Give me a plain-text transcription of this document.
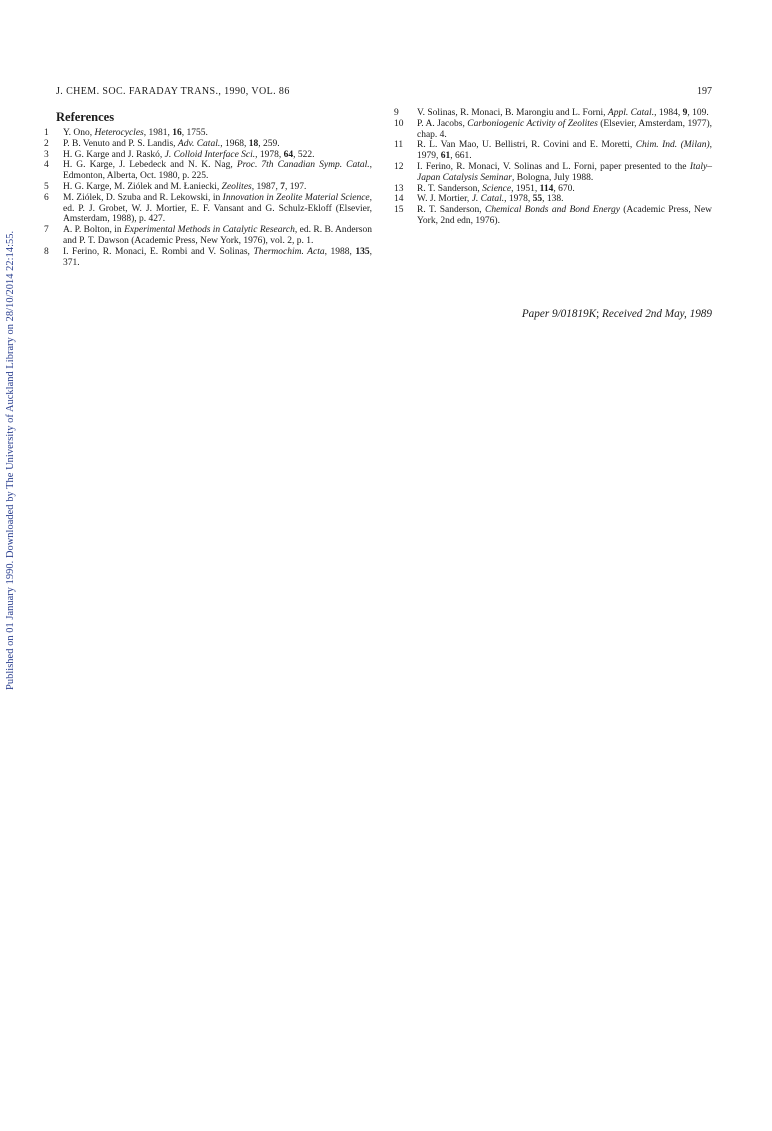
Published on 01 January 1990. Downloaded by The University of Auckland Library on 28/10/2014 22:14:55.
J. CHEM. SOC. FARADAY TRANS., 1990, VOL. 86	197
References
1	Y. Ono, Heterocycles, 1981, 16, 1755.
2	P. B. Venuto and P. S. Landis, Adv. Catal., 1968, 18, 259.
3	H. G. Karge and J. Raskó, J. Colloid Interface Sci., 1978, 64, 522.
4	H. G. Karge, J. Lebedeck and N. K. Nag, Proc. 7th Canadian Symp. Catal., Edmonton, Alberta, Oct. 1980, p. 225.
5	H. G. Karge, M. Ziólek and M. Łaniecki, Zeolites, 1987, 7, 197.
6	M. Ziólek, D. Szuba and R. Lekowski, in Innovation in Zeolite Material Science, ed. P. J. Grobet, W. J. Mortier, E. F. Vansant and G. Schulz-Ekloff (Elsevier, Amsterdam, 1988), p. 427.
7	A. P. Bolton, in Experimental Methods in Catalytic Research, ed. R. B. Anderson and P. T. Dawson (Academic Press, New York, 1976), vol. 2, p. 1.
8	I. Ferino, R. Monaci, E. Rombi and V. Solinas, Thermochim. Acta, 1988, 135, 371.
9	V. Solinas, R. Monaci, B. Marongiu and L. Forni, Appl. Catal., 1984, 9, 109.
10	P. A. Jacobs, Carboniogenic Activity of Zeolites (Elsevier, Amsterdam, 1977), chap. 4.
11	R. L. Van Mao, U. Bellistri, R. Covini and E. Moretti, Chim. Ind. (Milan), 1979, 61, 661.
12	I. Ferino, R. Monaci, V. Solinas and L. Forni, paper presented to the Italy–Japan Catalysis Seminar, Bologna, July 1988.
13	R. T. Sanderson, Science, 1951, 114, 670.
14	W. J. Mortier, J. Catal., 1978, 55, 138.
15	R. T. Sanderson, Chemical Bonds and Bond Energy (Academic Press, New York, 2nd edn, 1976).
Paper 9/01819K; Received 2nd May, 1989
